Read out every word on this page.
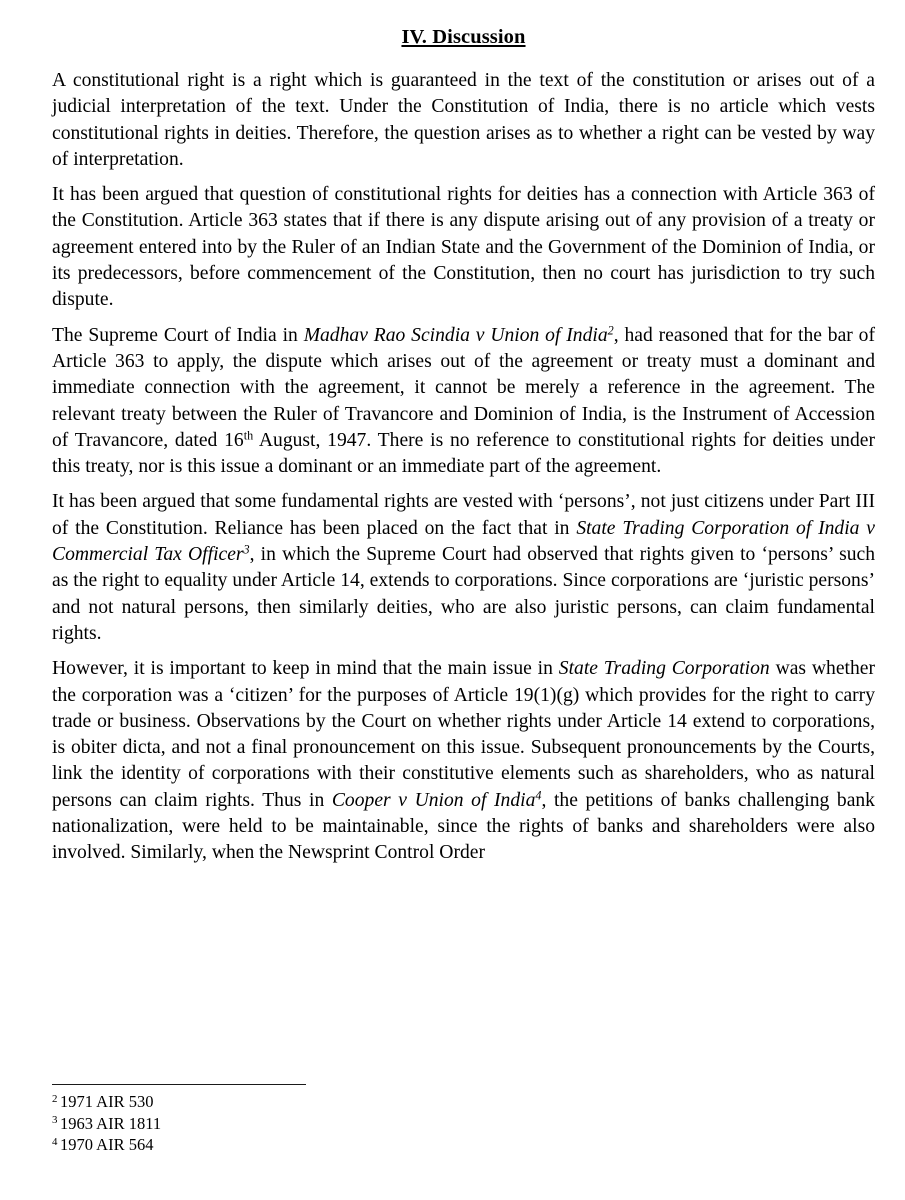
IV. Discussion

A constitutional right is a right which is guaranteed in the text of the constitution or arises out of a judicial interpretation of the text. Under the Constitution of India, there is no article which vests constitutional rights in deities. Therefore, the question arises as to whether a right can be vested by way of interpretation.

It has been argued that question of constitutional rights for deities has a connection with Article 363 of the Constitution. Article 363 states that if there is any dispute arising out of any provision of a treaty or agreement entered into by the Ruler of an Indian State and the Government of the Dominion of India, or its predecessors, before commencement of the Constitution, then no court has jurisdiction to try such dispute.

The Supreme Court of India in Madhav Rao Scindia v Union of India$^2$, had reasoned that for the bar of Article 363 to apply, the dispute which arises out of the agreement or treaty must a dominant and immediate connection with the agreement, it cannot be merely a reference in the agreement. The relevant treaty between the Ruler of Travancore and Dominion of India, is the Instrument of Accession of Travancore, dated 16th August, 1947. There is no reference to constitutional rights for deities under this treaty, nor is this issue a dominant or an immediate part of the agreement.

It has been argued that some fundamental rights are vested with ‘persons’, not just citizens under Part III of the Constitution. Reliance has been placed on the fact that in State Trading Corporation of India v Commercial Tax Officer$^3$, in which the Supreme Court had observed that rights given to ‘persons’ such as the right to equality under Article 14, extends to corporations. Since corporations are ‘juristic persons’ and not natural persons, then similarly deities, who are also juristic persons, can claim fundamental rights.

However, it is important to keep in mind that the main issue in State Trading Corporation was whether the corporation was a ‘citizen’ for the purposes of Article 19(1)(g) which provides for the right to carry trade or business. Observations by the Court on whether rights under Article 14 extend to corporations, is obiter dicta, and not a final pronouncement on this issue. Subsequent pronouncements by the Courts, link the identity of corporations with their constitutive elements such as shareholders, who as natural persons can claim rights. Thus in Cooper v Union of India$^4$, the petitions of banks challenging bank nationalization, were held to be maintainable, since the rights of banks and shareholders were also involved. Similarly, when the Newsprint Control Order

$^2$ 1971 AIR 530
$^3$ 1963 AIR 1811
$^4$ 1970 AIR 564
